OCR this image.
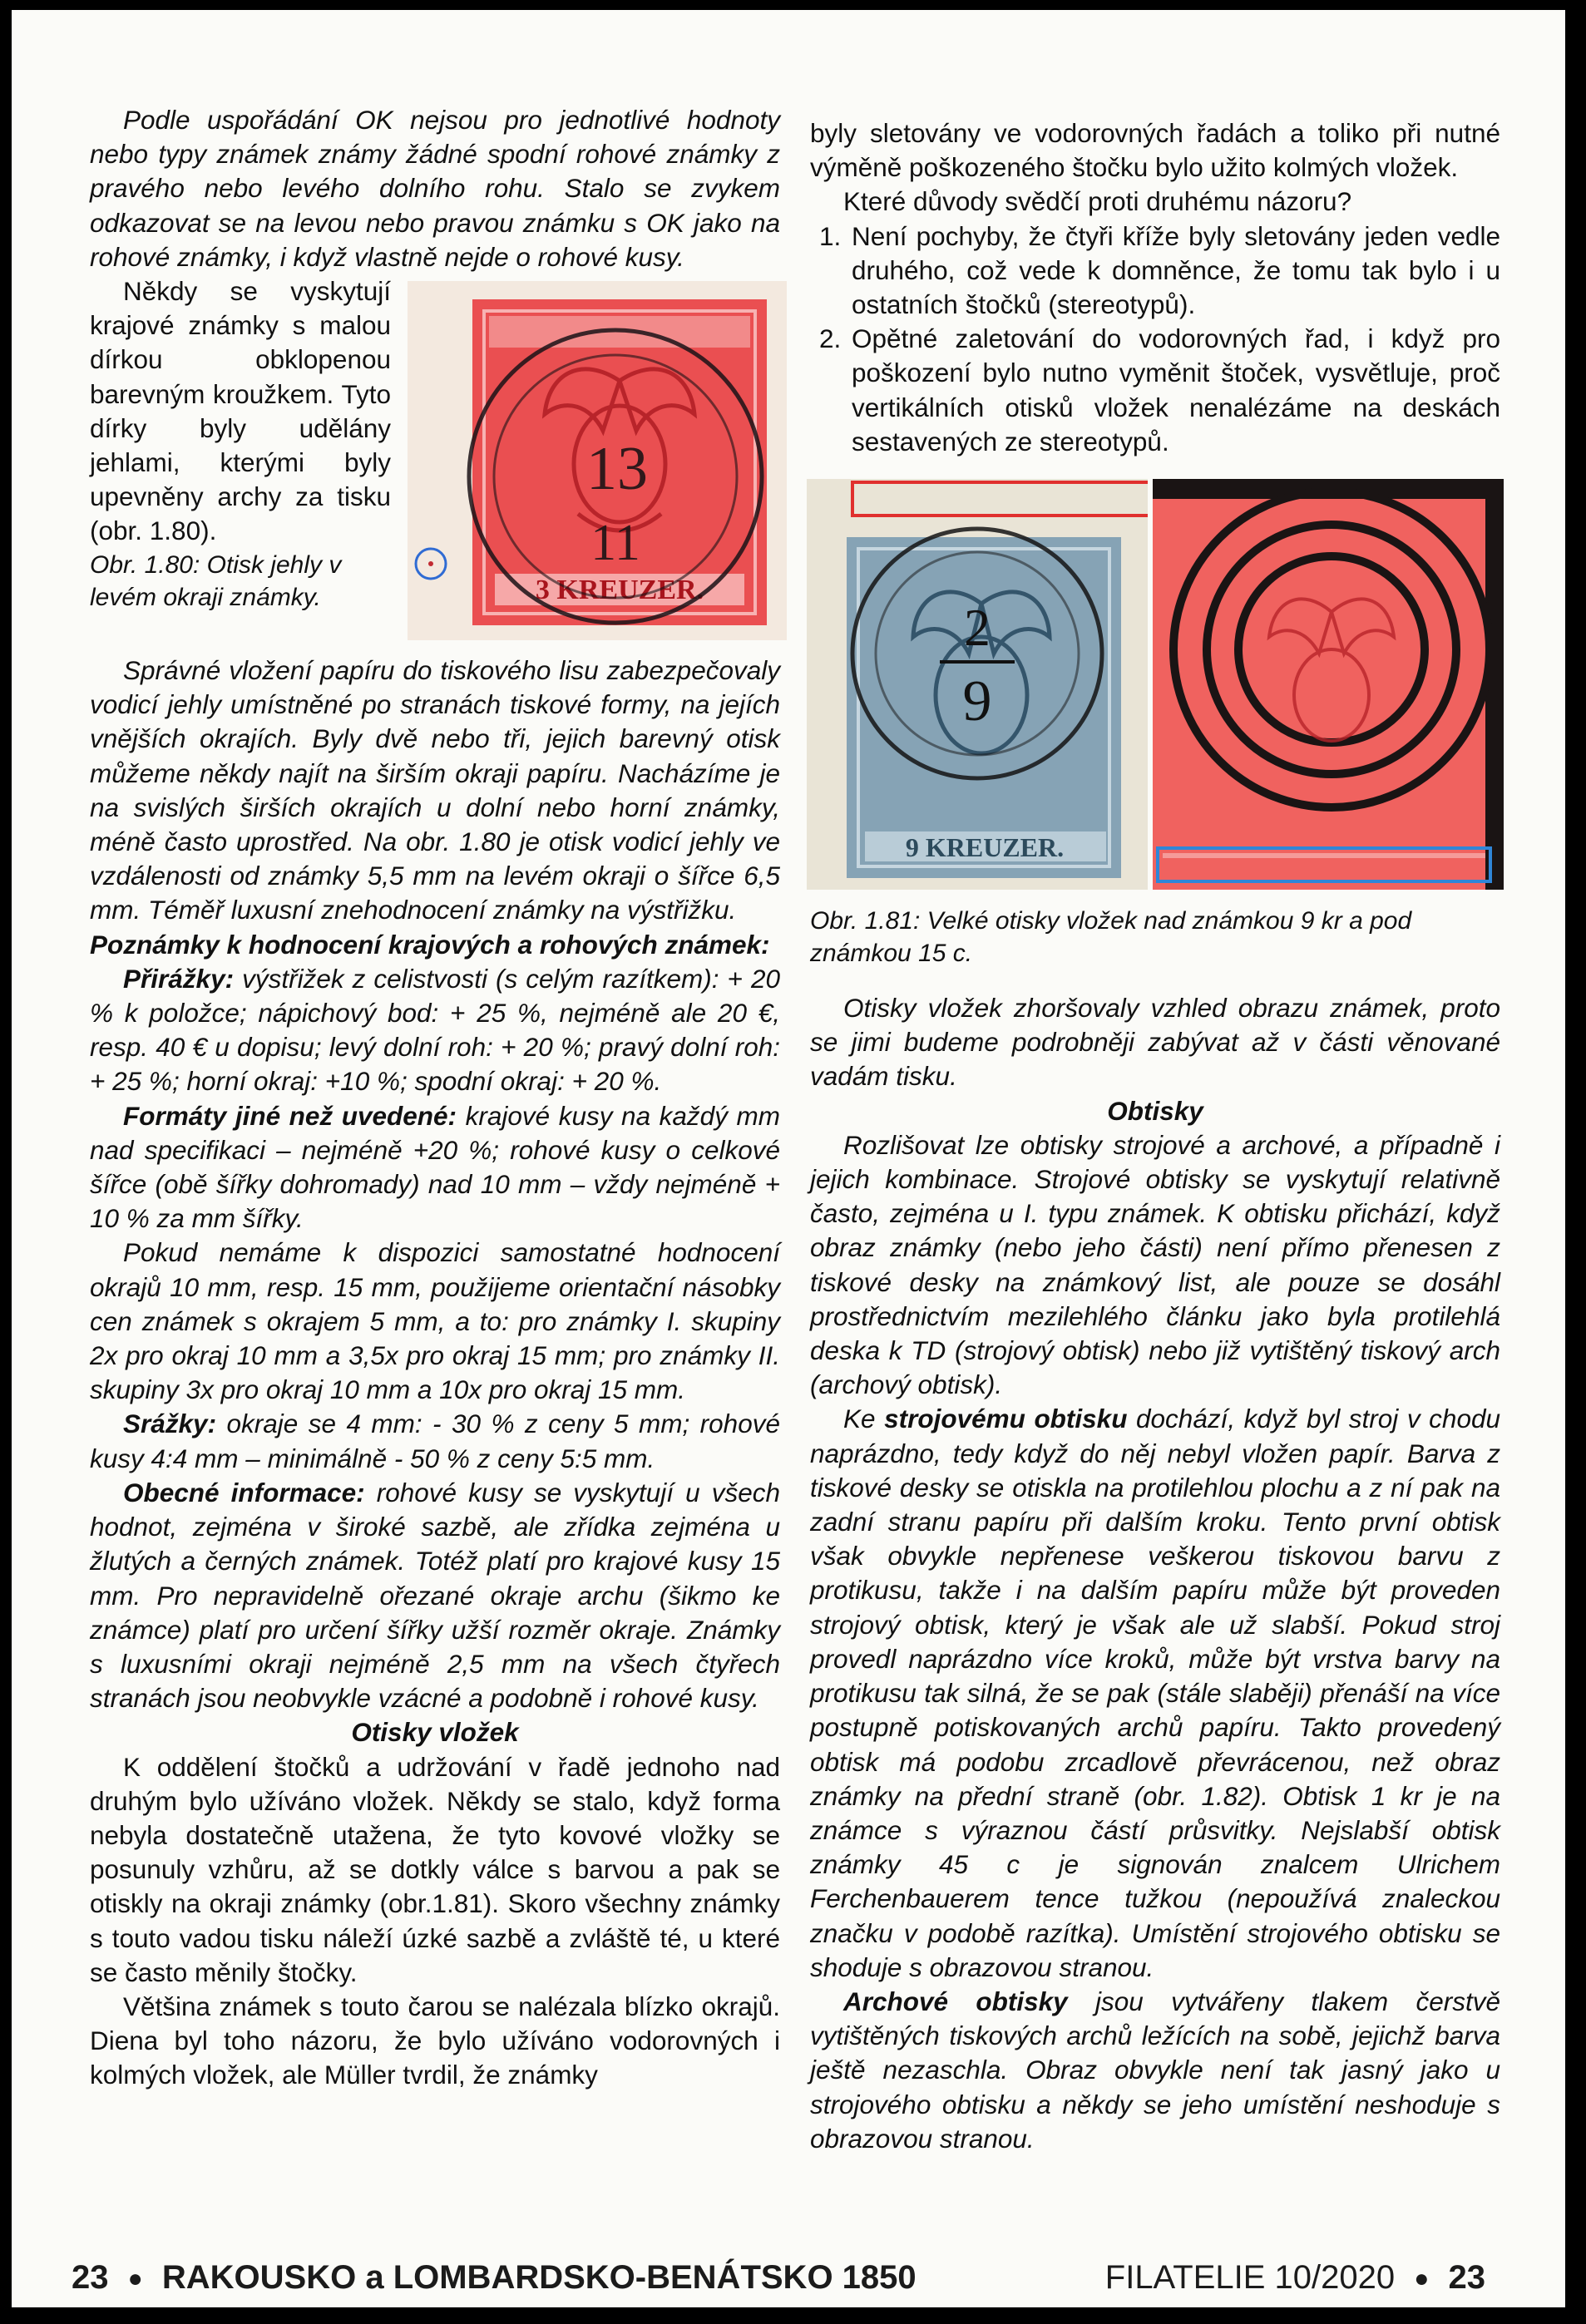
Podle uspořádání OK nejsou pro jednotlivé hodnoty nebo typy známek známy žádné spodní rohové známky z pravého nebo levého dolního rohu. Stalo se zvykem odkazovat se na levou nebo pravou známku s OK jako na rohové známky, i když vlastně nejde o rohové kusy.

3 KREUZER.
13
11

Někdy se vyskytují krajové známky s malou dírkou obklopenou barevným kroužkem. Tyto dírky byly udělány jehlami, kterými byly upevněny archy za tisku (obr. 1.80).

Obr. 1.80: Otisk jehly v levém okraji známky.

Správné vložení papíru do tiskového lisu zabezpečovaly vodicí jehly umístněné po stranách tiskové formy, na jejích vnějších okrajích. Byly dvě nebo tři, jejich barevný otisk můžeme někdy najít na širším okraji papíru. Nacházíme je na svislých širších okrajích u dolní nebo horní známky, méně často uprostřed. Na obr. 1.80 je otisk vodicí jehly ve vzdálenosti od známky 5,5 mm na levém okraji o šířce 6,5 mm. Téměř luxusní znehodnocení známky na výstřižku.

Poznámky k hodnocení krajových a rohových známek:

Přirážky: výstřižek z celistvosti (s celým razítkem): + 20 % k položce; nápichový bod: + 25 %, nejméně ale 20 €, resp. 40 € u dopisu; levý dolní roh: + 20 %; pravý dolní roh: + 25 %; horní okraj: +10 %; spodní okraj: + 20 %.

Formáty jiné než uvedené: krajové kusy na každý mm nad specifikaci – nejméně +20 %; rohové kusy o celkové šířce (obě šířky dohromady) nad 10 mm – vždy nejméně + 10 % za mm šířky.

Pokud nemáme k dispozici samostatné hodnocení okrajů 10 mm, resp. 15 mm, použijeme orientační násobky cen známek s okrajem 5 mm, a to: pro známky I. skupiny 2x pro okraj 10 mm a 3,5x pro okraj 15 mm; pro známky II. skupiny 3x pro okraj 10 mm a 10x pro okraj 15 mm.

Srážky: okraje se 4 mm: - 30 % z ceny 5 mm; rohové kusy 4:4 mm – minimálně - 50 % z ceny 5:5 mm.

Obecné informace: rohové kusy se vyskytují u všech hodnot, zejména v široké sazbě, ale zřídka zejména u žlutých a černých známek. Totéž platí pro krajové kusy 15 mm. Pro nepravidelně ořezané okraje archu (šikmo ke známce) platí pro určení šířky užší rozměr okraje. Známky s luxusními okraji nejméně 2,5 mm na všech čtyřech stranách jsou neobvykle vzácné a podobně i rohové kusy.

Otisky vložek

K oddělení štočků a udržování v řadě jednoho nad druhým bylo užíváno vložek. Někdy se stalo, když forma nebyla dostatečně utažena, že tyto kovové vložky se posunuly vzhůru, až se dotkly válce s barvou a pak se otiskly na okraji známky (obr.1.81). Skoro všechny známky s touto vadou tisku náleží úzké sazbě a zvláště té, u které se často měnily štočky.

Většina známek s touto čarou se nalézala blízko okrajů. Diena byl toho názoru, že bylo užíváno vodorovných i kolmých vložek, ale Müller tvrdil, že známky

byly sletovány ve vodorovných řadách a toliko při nutné výměně poškozeného štočku bylo užito kolmých vložek.

Které důvody svědčí proti druhému názoru?

1. Není pochyby, že čtyři kříže byly sletovány jeden vedle druhého, což vede k domněnce, že tomu tak bylo i u ostatních štočků (stereotypů).
2. Opětné zaletování do vodorovných řad, i když pro poškození bylo nutno vyměnit štoček, vysvětluje, proč vertikálních otisků vložek nenalézáme na deskách sestavených ze stereotypů.
9 KREUZER.
2
9

Obr. 1.81: Velké otisky vložek nad známkou 9 kr a pod známkou 15 c.

Otisky vložek zhoršovaly vzhled obrazu známek, proto se jimi budeme podrobněji zabývat až v části věnované vadám tisku.

Obtisky

Rozlišovat lze obtisky strojové a archové, a případně i jejich kombinace. Strojové obtisky se vyskytují relativně často, zejména u I. typu známek. K obtisku přichází, když obraz známky (nebo jeho části) není přímo přenesen z tiskové desky na známkový list, ale pouze se dosáhl prostřednictvím mezilehlého článku jako byla protilehlá deska k TD (strojový obtisk) nebo již vytištěný tiskový arch (archový obtisk).

Ke strojovému obtisku dochází, když byl stroj v chodu naprázdno, tedy když do něj nebyl vložen papír. Barva z tiskové desky se otiskla na protilehlou plochu a z ní pak na zadní stranu papíru při dalším kroku. Tento první obtisk však obvykle nepřenese veškerou tiskovou barvu z protikusu, takže i na dalším papíru může být proveden strojový obtisk, který je však ale už slabší. Pokud stroj provedl naprázdno více kroků, může být vrstva barvy na protikusu tak silná, že se pak (stále slaběji) přenáší na více postupně potiskovaných archů papíru. Takto provedený obtisk má podobu zrcadlově převrácenou, než obraz známky na přední straně (obr. 1.82). Obtisk 1 kr je na známce s výraznou částí průsvitky. Nejslabší obtisk známky 45 c je signován znalcem Ulrichem Ferchenbauerem tence tužkou (nepoužívá znaleckou značku v podobě razítka). Umístění strojového obtisku se shoduje s obrazovou stranou.

Archové obtisky jsou vytvářeny tlakem čerstvě vytištěných tiskových archů ležících na sobě, jejichž barva ještě nezaschla. Obraz obvykle není tak jasný jako u strojového obtisku a někdy se jeho umístění neshoduje s obrazovou stranou.

23 ● RAKOUSKO a LOMBARDSKO-BENÁTSKO 1850	FILATELIE 10/2020 ● 23
